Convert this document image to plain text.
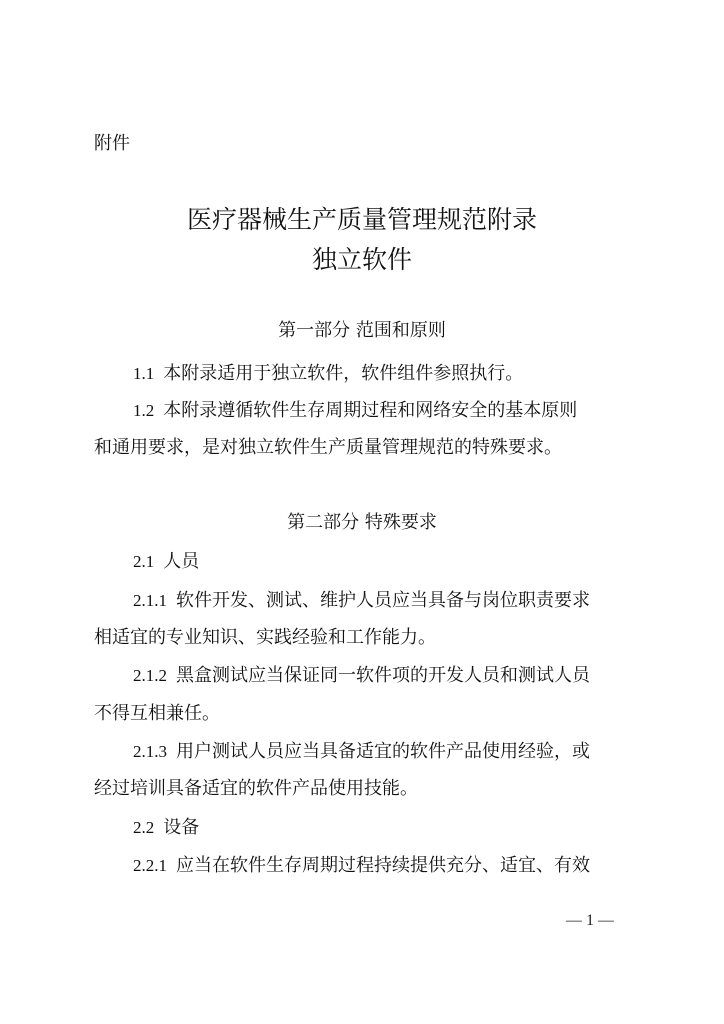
附件
医疗器械生产质量管理规范附录
独立软件
第一部分 范围和原则
1.1 本附录适用于独立软件，软件组件参照执行。
1.2 本附录遵循软件生存周期过程和网络安全的基本原则
和通用要求，是对独立软件生产质量管理规范的特殊要求。
第二部分 特殊要求
2.1 人员
2.1.1 软件开发、测试、维护人员应当具备与岗位职责要求
相适宜的专业知识、实践经验和工作能力。
2.1.2 黑盒测试应当保证同一软件项的开发人员和测试人员
不得互相兼任。
2.1.3 用户测试人员应当具备适宜的软件产品使用经验，或
经过培训具备适宜的软件产品使用技能。
2.2 设备
2.2.1 应当在软件生存周期过程持续提供充分、适宜、有效
— 1 —
